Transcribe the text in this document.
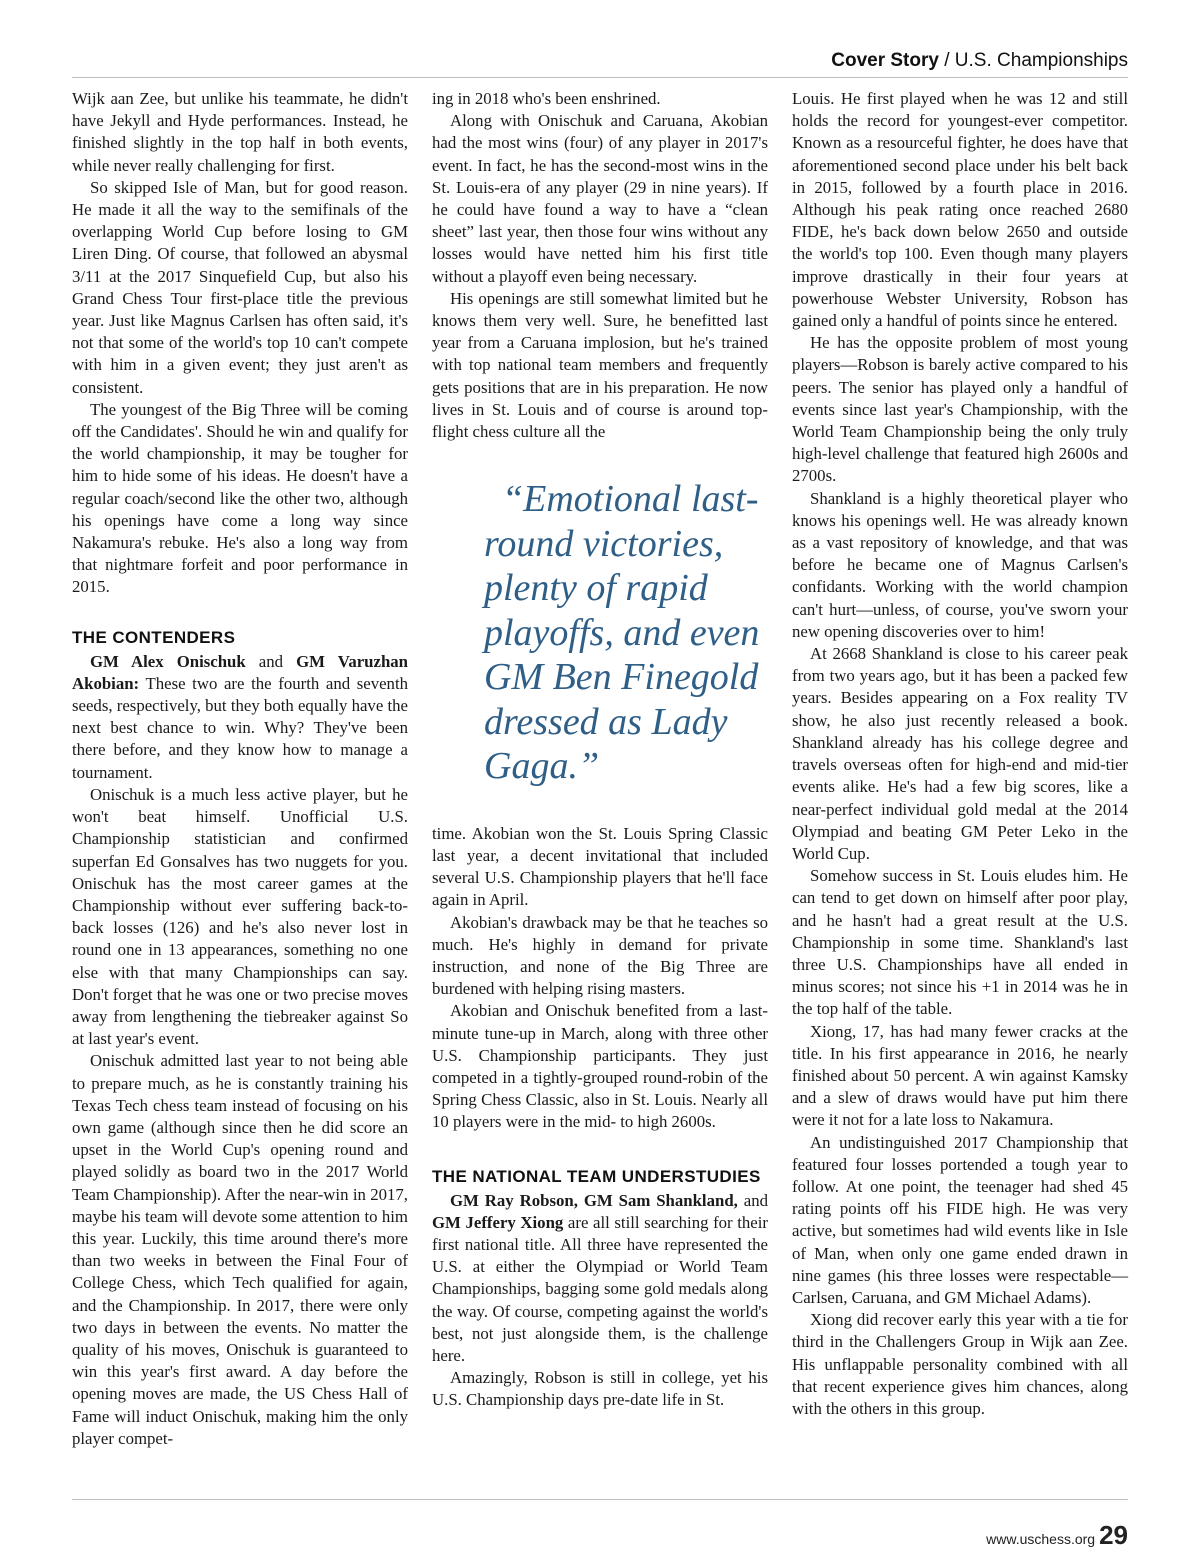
Cover Story / U.S. Championships

Wijk aan Zee, but unlike his teammate, he didn't have Jekyll and Hyde performances. Instead, he finished slightly in the top half in both events, while never really challenging for first.

So skipped Isle of Man, but for good reason. He made it all the way to the semifinals of the overlapping World Cup before losing to GM Liren Ding. Of course, that followed an abysmal 3/11 at the 2017 Sinquefield Cup, but also his Grand Chess Tour first-place title the previous year. Just like Magnus Carlsen has often said, it's not that some of the world's top 10 can't compete with him in a given event; they just aren't as consistent.

The youngest of the Big Three will be coming off the Candidates'. Should he win and qualify for the world championship, it may be tougher for him to hide some of his ideas. He doesn't have a regular coach/second like the other two, although his openings have come a long way since Nakamura's rebuke. He's also a long way from that nightmare forfeit and poor performance in 2015.

THE CONTENDERS

GM Alex Onischuk and GM Varuzhan Akobian: These two are the fourth and seventh seeds, respectively, but they both equally have the next best chance to win. Why? They've been there before, and they know how to manage a tournament.

Onischuk is a much less active player, but he won't beat himself. Unofficial U.S. Championship statistician and confirmed superfan Ed Gonsalves has two nuggets for you. Onischuk has the most career games at the Championship without ever suffering back-to-back losses (126) and he's also never lost in round one in 13 appearances, something no one else with that many Championships can say. Don't forget that he was one or two precise moves away from lengthening the tiebreaker against So at last year's event.

Onischuk admitted last year to not being able to prepare much, as he is constantly training his Texas Tech chess team instead of focusing on his own game (although since then he did score an upset in the World Cup's opening round and played solidly as board two in the 2017 World Team Championship). After the near-win in 2017, maybe his team will devote some attention to him this year. Luckily, this time around there's more than two weeks in between the Final Four of College Chess, which Tech qualified for again, and the Championship. In 2017, there were only two days in between the events. No matter the quality of his moves, Onischuk is guaranteed to win this year's first award. A day before the opening moves are made, the US Chess Hall of Fame will induct Onischuk, making him the only player compet-

ing in 2018 who's been enshrined.

Along with Onischuk and Caruana, Akobian had the most wins (four) of any player in 2017's event. In fact, he has the second-most wins in the St. Louis-era of any player (29 in nine years). If he could have found a way to have a “clean sheet” last year, then those four wins without any losses would have netted him his first title without a playoff even being necessary.

His openings are still somewhat limited but he knows them very well. Sure, he benefitted last year from a Caruana implosion, but he's trained with top national team members and frequently gets positions that are in his preparation. He now lives in St. Louis and of course is around top-flight chess culture all the

“Emotional last-round victories, plenty of rapid playoffs, and even GM Ben Finegold dressed as Lady Gaga.”

time. Akobian won the St. Louis Spring Classic last year, a decent invitational that included several U.S. Championship players that he'll face again in April.

Akobian's drawback may be that he teaches so much. He's highly in demand for private instruction, and none of the Big Three are burdened with helping rising masters.

Akobian and Onischuk benefited from a last-minute tune-up in March, along with three other U.S. Championship participants. They just competed in a tightly-grouped round-robin of the Spring Chess Classic, also in St. Louis. Nearly all 10 players were in the mid- to high 2600s.

THE NATIONAL TEAM UNDERSTUDIES

GM Ray Robson, GM Sam Shankland, and GM Jeffery Xiong are all still searching for their first national title. All three have represented the U.S. at either the Olympiad or World Team Championships, bagging some gold medals along the way. Of course, competing against the world's best, not just alongside them, is the challenge here.

Amazingly, Robson is still in college, yet his U.S. Championship days pre-date life in St.

Louis. He first played when he was 12 and still holds the record for youngest-ever competitor. Known as a resourceful fighter, he does have that aforementioned second place under his belt back in 2015, followed by a fourth place in 2016. Although his peak rating once reached 2680 FIDE, he's back down below 2650 and outside the world's top 100. Even though many players improve drastically in their four years at powerhouse Webster University, Robson has gained only a handful of points since he entered.

He has the opposite problem of most young players—Robson is barely active compared to his peers. The senior has played only a handful of events since last year's Championship, with the World Team Championship being the only truly high-level challenge that featured high 2600s and 2700s.

Shankland is a highly theoretical player who knows his openings well. He was already known as a vast repository of knowledge, and that was before he became one of Magnus Carlsen's confidants. Working with the world champion can't hurt—unless, of course, you've sworn your new opening discoveries over to him!

At 2668 Shankland is close to his career peak from two years ago, but it has been a packed few years. Besides appearing on a Fox reality TV show, he also just recently released a book. Shankland already has his college degree and travels overseas often for high-end and mid-tier events alike. He's had a few big scores, like a near-perfect individual gold medal at the 2014 Olympiad and beating GM Peter Leko in the World Cup.

Somehow success in St. Louis eludes him. He can tend to get down on himself after poor play, and he hasn't had a great result at the U.S. Championship in some time. Shankland's last three U.S. Championships have all ended in minus scores; not since his +1 in 2014 was he in the top half of the table.

Xiong, 17, has had many fewer cracks at the title. In his first appearance in 2016, he nearly finished about 50 percent. A win against Kamsky and a slew of draws would have put him there were it not for a late loss to Nakamura.

An undistinguished 2017 Championship that featured four losses portended a tough year to follow. At one point, the teenager had shed 45 rating points off his FIDE high. He was very active, but sometimes had wild events like in Isle of Man, when only one game ended drawn in nine games (his three losses were respectable—Carlsen, Caruana, and GM Michael Adams).

Xiong did recover early this year with a tie for third in the Challengers Group in Wijk aan Zee. His unflappable personality combined with all that recent experience gives him chances, along with the others in this group.

www.uschess.org 29
